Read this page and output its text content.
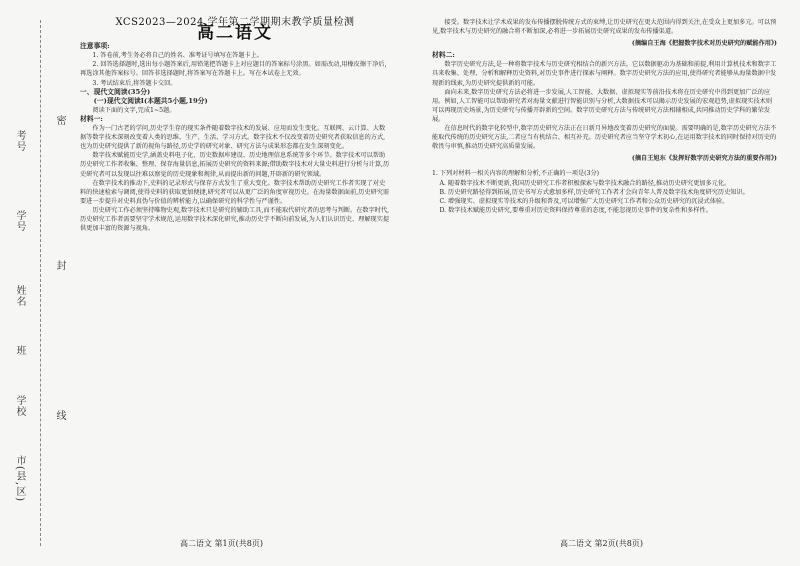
考号
学号
姓名
班
学校
市(县,区)
密
封
线
XCS2023—2024 学年第二学期期末教学质量检测
高二语文
注意事项:

1. 答卷前,考生务必将自己的姓名、准考证号填写在答题卡上。

2. 回答选择题时,选出每小题答案后,用铅笔把答题卡上对应题目的答案标号涂黑。如需改动,用橡皮擦干净后,再选涂其他答案标号。回答非选择题时,将答案写在答题卡上。写在本试卷上无效。

3. 考试结束后,将答题卡交回。

一、现代文阅读(35分)

(一)现代文阅读Ⅰ(本题共5小题,19分)

阅读下面的文字,完成1~5题。

材料一:

作为一门古老的学问,历史学生存的现实条件随着数字技术的发展、应用而发生变化。互联网、云计算、大数据等数字技术深刻改变着人类的思维、生产、生活、学习方式。数字技术不仅改变着历史研究者获取信息的方式,也为历史研究提供了新的视角与路径,历史学的研究对象、研究方法与成果形态都在发生深刻变化。

数字技术赋能历史学,涵盖史料电子化、历史数据库建设、历史地理信息系统等多个环节。数字技术可以帮助历史研究工作者收集、整理、保存海量信息,拓展历史研究的资料来源;借助数字技术对大量史料进行分析与计算,历史研究者可以发现以往难以察觉的历史现象和规律,从而提出新的问题,开辟新的研究领域。

在数字技术的推动下,史料的记录形式与保存方式发生了重大变化。数字技术帮助历史研究工作者实现了对史料的快速检索与调阅,使得史料的获取更加便捷,研究者可以从更广泛的角度审视历史。在海量数据面前,历史研究需要进一步提升对史料真伪与价值的辨析能力,以确保研究的科学性与严谨性。

历史研究工作必须坚持唯物史观,数字技术只是研究的辅助工具,而不能取代研究者的思考与判断。在数字时代,历史研究工作者需要坚守学术规范,运用数字技术深化研究,推动历史学不断向前发展,为人们认识历史、理解现实提供更加丰富的资源与视角。

接受。数字技术让学术成果的发布传播摆脱传统方式的束缚,让历史研究在更大范围内得到关注,在受众上更加多元。可以预见,数字技术与历史研究的融合将不断加深,必将进一步拓展历史研究成果的发布传播渠道。

(摘编自王海《把握数字技术对历史研究的赋能作用》)
材料二:

数字历史研究方法,是一种将数字技术与历史研究相结合的新兴方法。它以数据驱动为基础和前提,利用计算机技术和数字工具来收集、处理、分析和解释历史资料,对历史事件进行探索与阐释。数字历史研究方法的应用,使得研究者能够从海量数据中发现新的线索,为历史研究提供新的可能。

面向未来,数字历史研究方法必将进一步发展,人工智能、大数据、虚拟现实等前沿技术将在历史研究中得到更加广泛的应用。例如,人工智能可以帮助研究者对海量文献进行智能识别与分析,大数据技术可以揭示历史发展的宏观趋势,虚拟现实技术则可以再现历史场景,为历史研究与传播开辟新的空间。数字历史研究方法与传统研究方法相辅相成,共同推动历史学科的繁荣发展。

在信息时代的数字化转型中,数字历史研究方法正在日新月异地改变着历史研究的面貌。需要明确的是,数字历史研究方法不能取代传统的历史研究方法,二者应当有机结合、相互补充。历史研究者应当坚守学术初心,在运用数字技术的同时保持对历史的敬畏与审慎,推动历史研究高质量发展。

(摘自王旭东《发挥好数字历史研究方法的重要作用》)

1. 下列对材料一相关内容的理解和分析,不正确的一项是(3分)

A. 随着数字技术不断更新,我国历史研究工作者积极探索与数字技术融合的路径,推动历史研究更加多元化。

B. 历史研究路径得到拓展,历史书写方式愈加多样,历史研究工作者才会向青年人普及数字技术角度研究历史知识。

C. 增强现实、虚拟现实等技术的升级和普及,可以增强广大历史研究工作者和公众历史研究的沉浸式体验。

D. 数字技术赋能历史研究,要尊重对历史资料保持尊重的态度,不能忽视历史事件的复杂性和多样性。

高二语文 第1页(共8页)	高二语文 第2页(共8页)
